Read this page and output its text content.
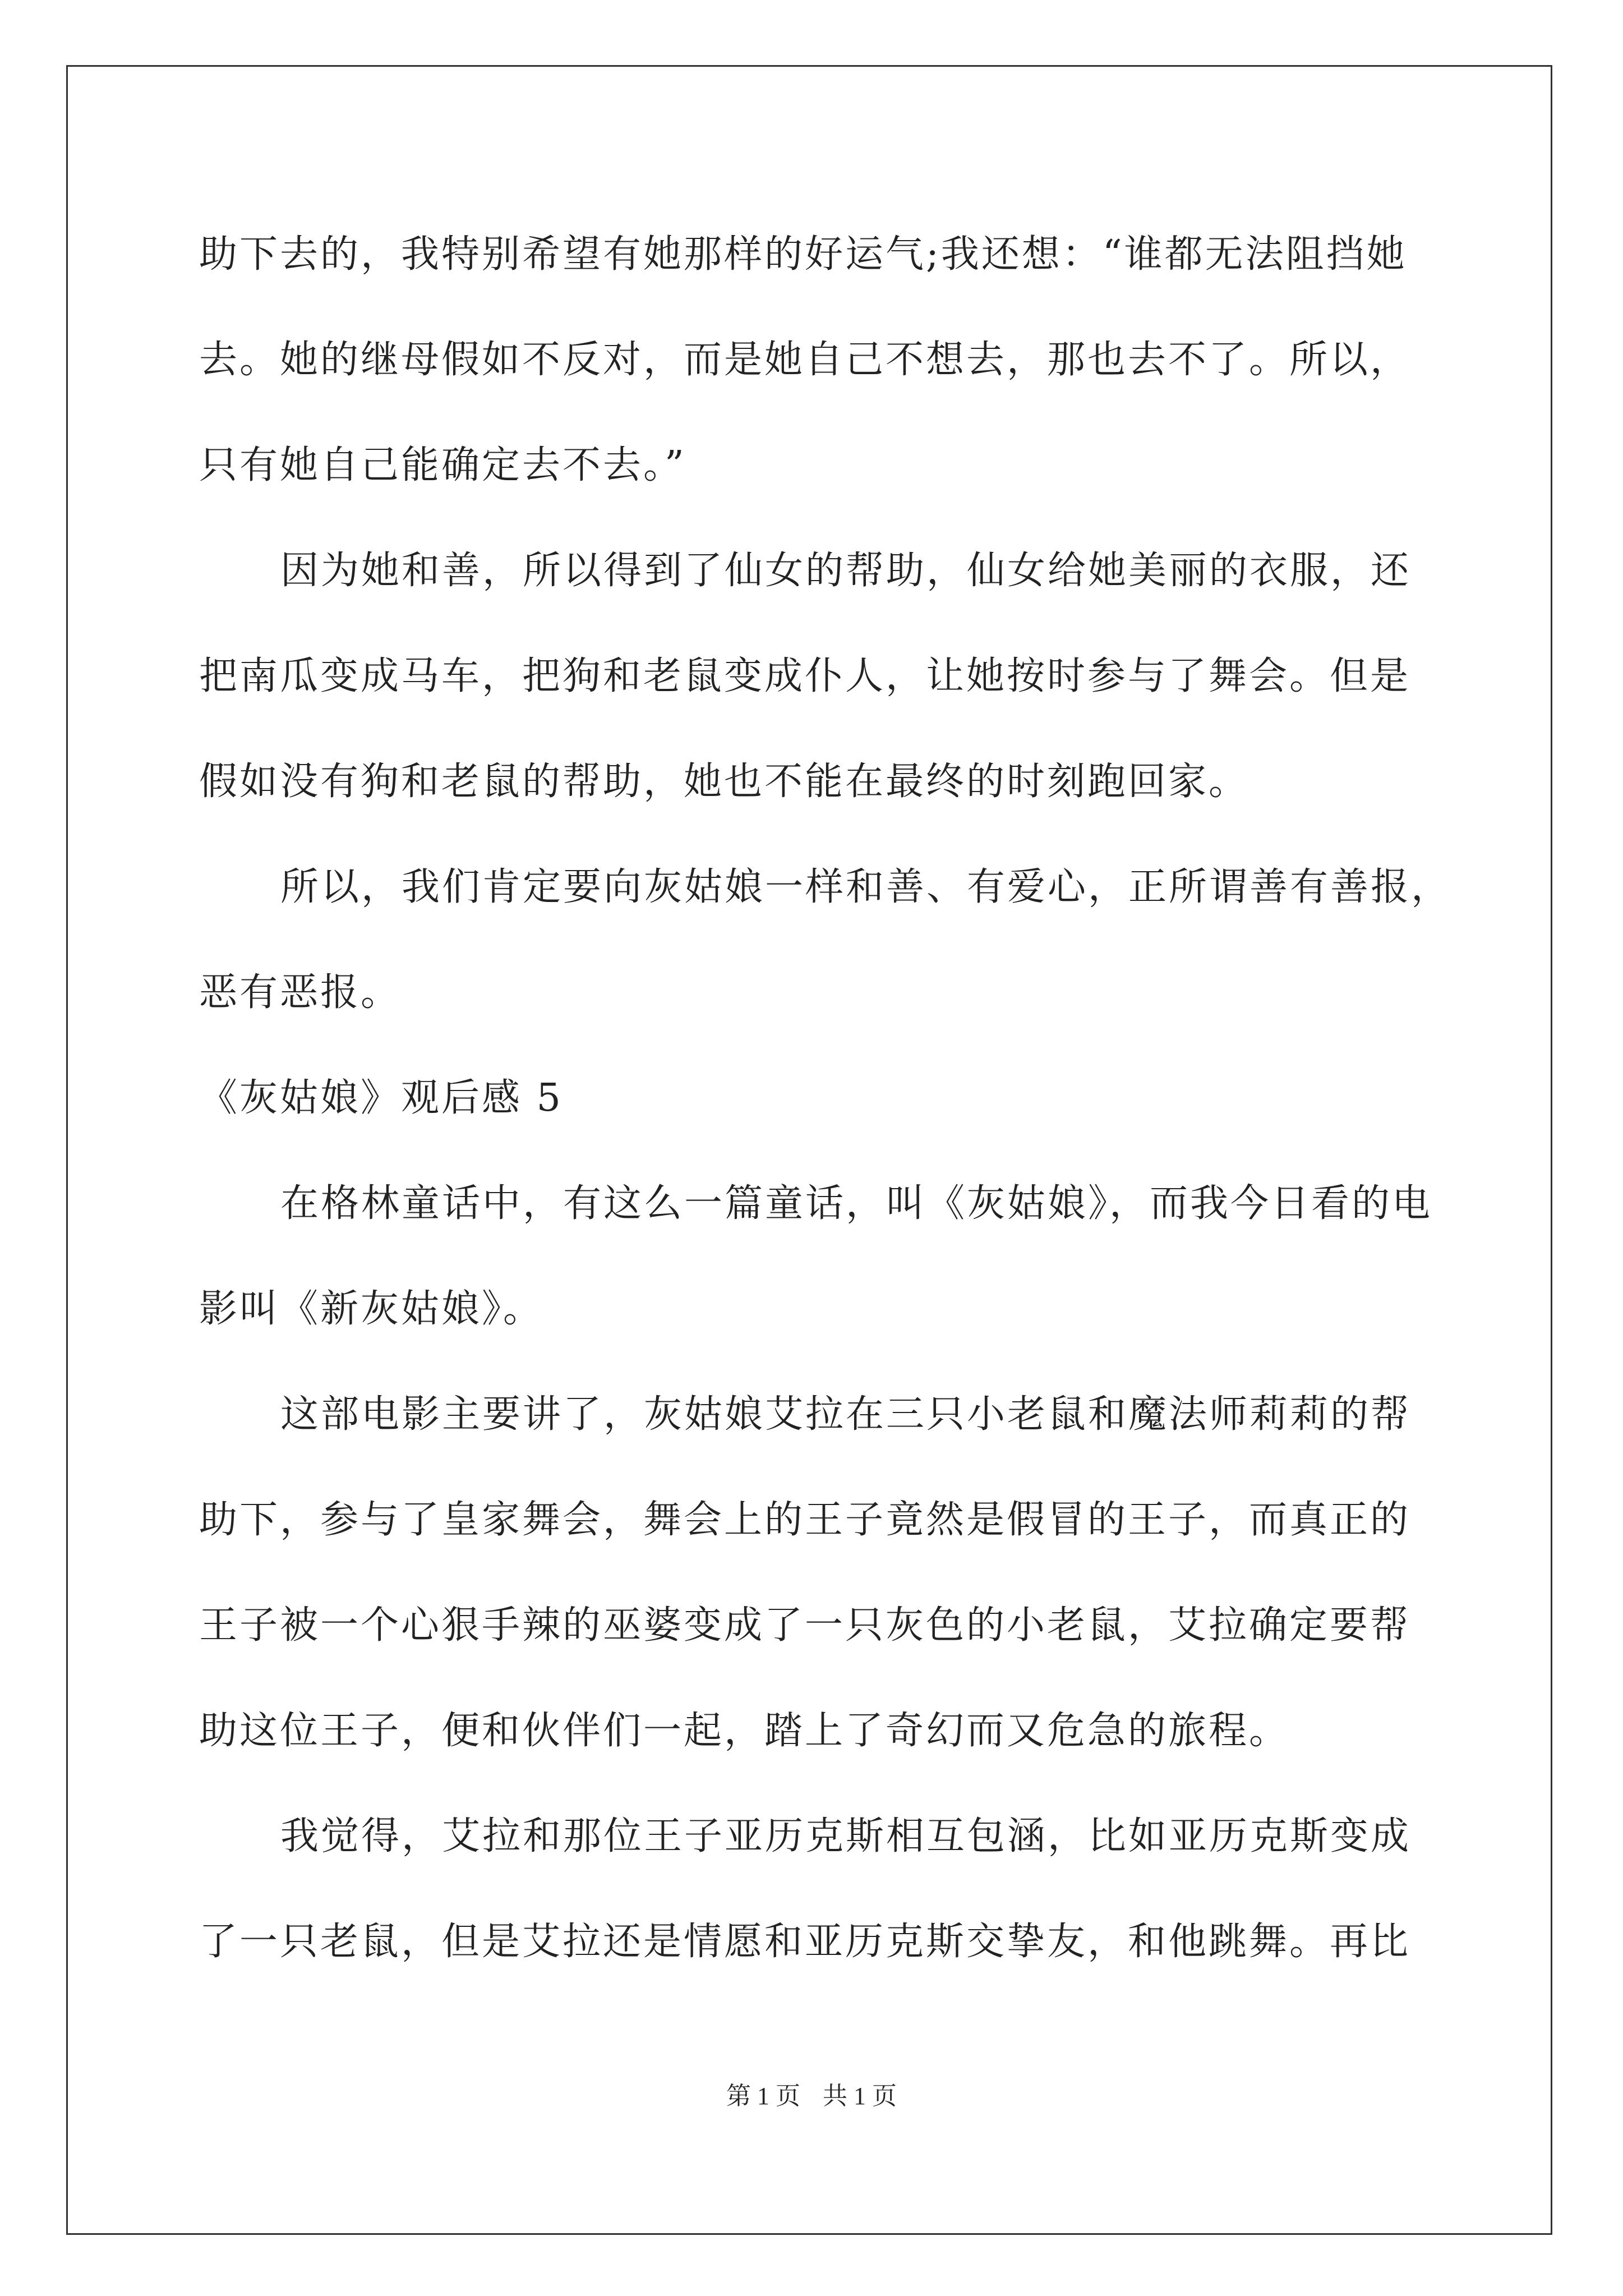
助下去的，我特别希望有她那样的好运气;我还想：“谁都无法阻挡她
去。她的继母假如不反对，而是她自己不想去，那也去不了。所以，
只有她自己能确定去不去。”
因为她和善，所以得到了仙女的帮助，仙女给她美丽的衣服，还
把南瓜变成马车，把狗和老鼠变成仆人，让她按时参与了舞会。但是
假如没有狗和老鼠的帮助，她也不能在最终的时刻跑回家。
所以，我们肯定要向灰姑娘一样和善、有爱心，正所谓善有善报，
恶有恶报。
《灰姑娘》观后感 5
在格林童话中，有这么一篇童话，叫《灰姑娘》，而我今日看的电
影叫《新灰姑娘》。
这部电影主要讲了，灰姑娘艾拉在三只小老鼠和魔法师莉莉的帮
助下，参与了皇家舞会，舞会上的王子竟然是假冒的王子，而真正的
王子被一个心狠手辣的巫婆变成了一只灰色的小老鼠，艾拉确定要帮
助这位王子，便和伙伴们一起，踏上了奇幻而又危急的旅程。
我觉得，艾拉和那位王子亚历克斯相互包涵，比如亚历克斯变成
了一只老鼠，但是艾拉还是情愿和亚历克斯交挚友，和他跳舞。再比
第 1 页 共 1 页
